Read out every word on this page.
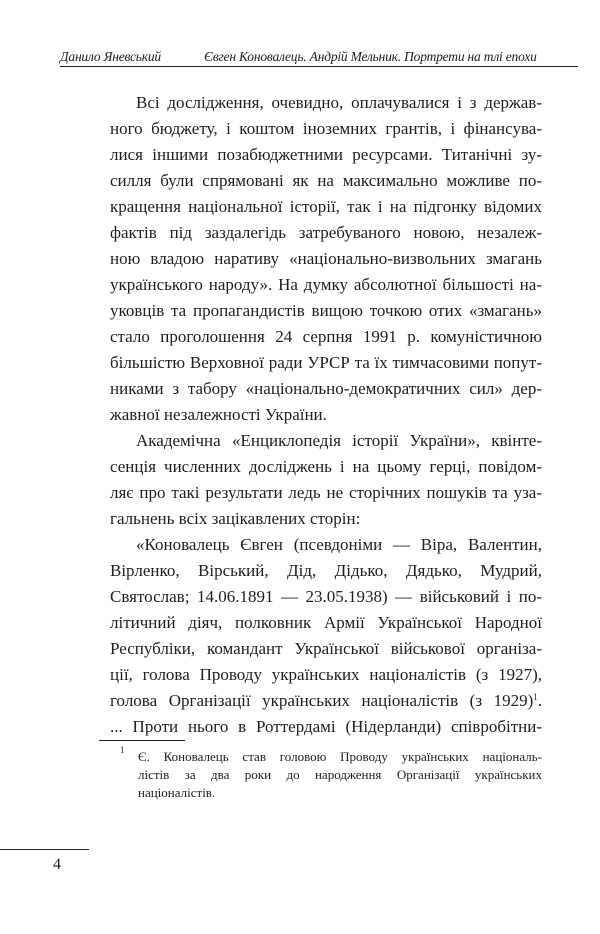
Данило Яневський	Євген Коновалець. Андрій Мельник. Портрети на тлі епохи
Всі дослідження, очевидно, оплачувалися і з держав-
ного бюджету, і коштом іноземних грантів, і фінансува-
лися іншими позабюджетними ресурсами. Титанічні зу-
силля були спрямовані як на максимально можливе по-
кращення національної історії, так і на підгонку відомих
фактів під заздалегідь затребуваного новою, незалеж-
ною владою наративу «національно-визвольних змагань
українського народу». На думку абсолютної більшості на-
уковців та пропагандистів вищою точкою отих «змагань»
стало проголошення 24 серпня 1991 р. комуністичною
більшістю Верховної ради УРСР та їх тимчасовими попут-
никами з табору «національно-демократичних сил» дер-
жавної незалежності України.
Академічна «Енциклопедія історії України», квінте-
сенція численних досліджень і на цьому герці, повідом-
ляє про такі результати ледь не сторічних пошуків та уза-
гальнень всіх зацікавлених сторін:
«Коновалець Євген (псевдоніми — Віра, Валентин,
Вірленко, Вірський, Дід, Дідько, Дядько, Мудрий,
Святослав; 14.06.1891 — 23.05.1938) — військовий і по-
літичний діяч, полковник Армії Української Народної
Республіки, командант Української військової організа-
ції, голова Проводу українських націоналістів (з 1927),
голова Організації українських націоналістів (з 1929)$^1$.
... Проти нього в Роттердамі (Нідерланди) співробітни-
1 Є. Коновалець став головою Проводу українських національ-
лістів за два роки до народження Організації українських
націоналістів.
4
